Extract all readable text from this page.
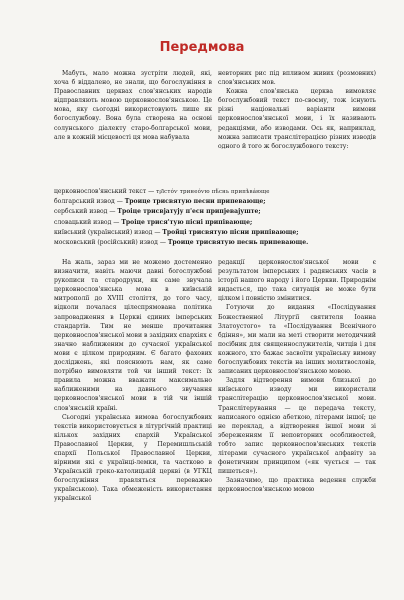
Передмова

Мабуть, мало можна зустріти людей, які, хоча б віддалено, не знали, що богослужіння в Православних церквах слов'янських народів відправляють мовою церковнослов'янською. Це мова, яку сьогодні використовують лише як богослужбову. Вона була створена на основі солунського діалекту старо-болгарської мови, але в кожній місцевості ця мова набувала

невторних рис під впливом живих (розмовних) слов'янських мов.

Кожна слов'янська церква вимовляє богослужбовий текст по-своєму, тож існують різні національні варіанти вимови церковнослов'янської мови, і їх називають редакціями, або изводами. Ось як, наприклад, можна записати транслітерацією різних изводів одного й того ж богослужбового тексту:

церковнослов'янський текст — тр҃їсто́ѵ тринео́ѵю пѣ́снь припѣва́юще
болгарський извод — Троице трисвятую песни припевающе;
сербський извод — Троіце трисвјатују п'есн припјевајуште;
словацький извод — Троіце трися'тую пісні припівающе;
київський (український) извод — Тройці трисвятую пісни припівающе;
московський (російський) извод — Троице трисвятую песнь припевающе.

На жаль, зараз ми не можемо достеменно визначити, навіть маючи давні богослужбові рукописи та стародруки, як саме звучала церковнослов'янська мова в київській митрополії до XVIII століття, до того часу, відколи почалася цілеспрямована політика запровадження в Церкві єдиних імперських стандартів. Тим не менше прочитання церковнослов'янської мови в західних єпархіях є значно наближеним до сучасної української мови є цілком природним. Є багато фахових досліджень, які пояснюють нам, як саме потрібно вимовляти той чи інший текст: їх правила можна вважати максимально наближеними на давнього звучання церковнослов'янської мови в тій чи іншій слов'янській країні.

Сьогодні українська вимова богослужбових текстів використовується в літургічній практиці кількох західних єпархій Української Православної Церкви, у Перемишльській єпархії Польської Православної Церкви, вірними які є українці-лемки, та частково в Українській греко-католицькій церкві (в УГКЦ богослужіння правляться переважно українською). Така обмеженість використання української

редакції церковнослов'янської мови є результатом імперських і радянських часів в історії нашого народу і його Церкви. Природнім видається, що така ситуація не може бути цілком і повністю змінитися.

Готуючи до видання «Послідування Божественної Літургії святителя Іоанна Златоустого» та «Послідування Всенічного бдіння», ми мали на меті створити методичний посібник для священнослужителів, читців і для кожного, хто бажає засвоїти українську вимову богослужбових текстів на інших молитвословів, записаних церковнослов'янською мовою.

Задля відтворення вимови близької до київського изводу ми використали транслітерацію церковнослов'янської мови. Транслітерування — це передача тексту, написаного однією абеткою, літерами іншої; це не переклад, а відтворення іншої мови зі збереженням її неповторних особливостей, тобто запис церковнослов'янських текстів літерами сучасного української алфавіту за фонетичним принципом («як чується — так пишеться»).

Зазначимо, що практика ведення служби церковнослов'янською мовою
